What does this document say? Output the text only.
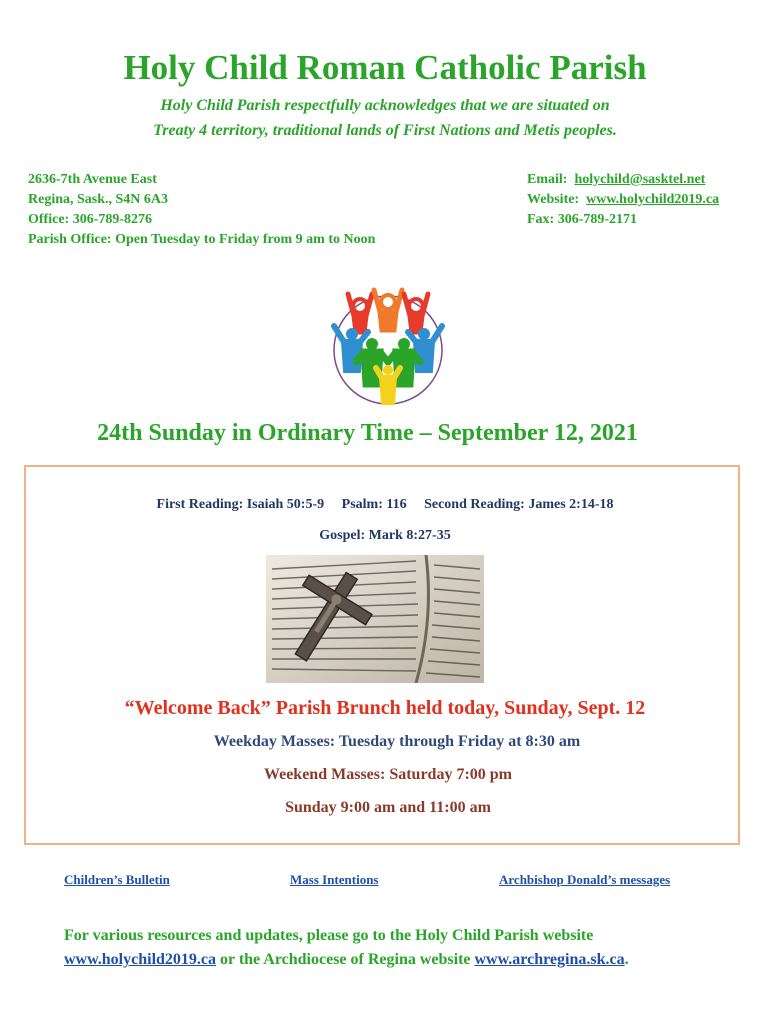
Holy Child Roman Catholic Parish
Holy Child Parish respectfully acknowledges that we are situated on
Treaty 4 territory, traditional lands of First Nations and Metis peoples.
2636-7th Avenue East
Regina, Sask., S4N 6A3
Office: 306-789-8276
Parish Office: Open Tuesday to Friday from 9 am to Noon
Email: holychild@sasktel.net
Website: www.holychild2019.ca
Fax: 306-789-2171
24th Sunday in Ordinary Time – September 12, 2021
First Reading: Isaiah 50:5-9 Psalm: 116 Second Reading: James 2:14-18
Gospel: Mark 8:27-35
“Welcome Back” Parish Brunch held today, Sunday, Sept. 12
Weekday Masses: Tuesday through Friday at 8:30 am
Weekend Masses: Saturday 7:00 pm
Sunday 9:00 am and 11:00 am
Children’s Bulletin	Mass Intentions	Archbishop Donald’s messages
For various resources and updates, please go to the Holy Child Parish website
www.holychild2019.ca or the Archdiocese of Regina website www.archregina.sk.ca.
